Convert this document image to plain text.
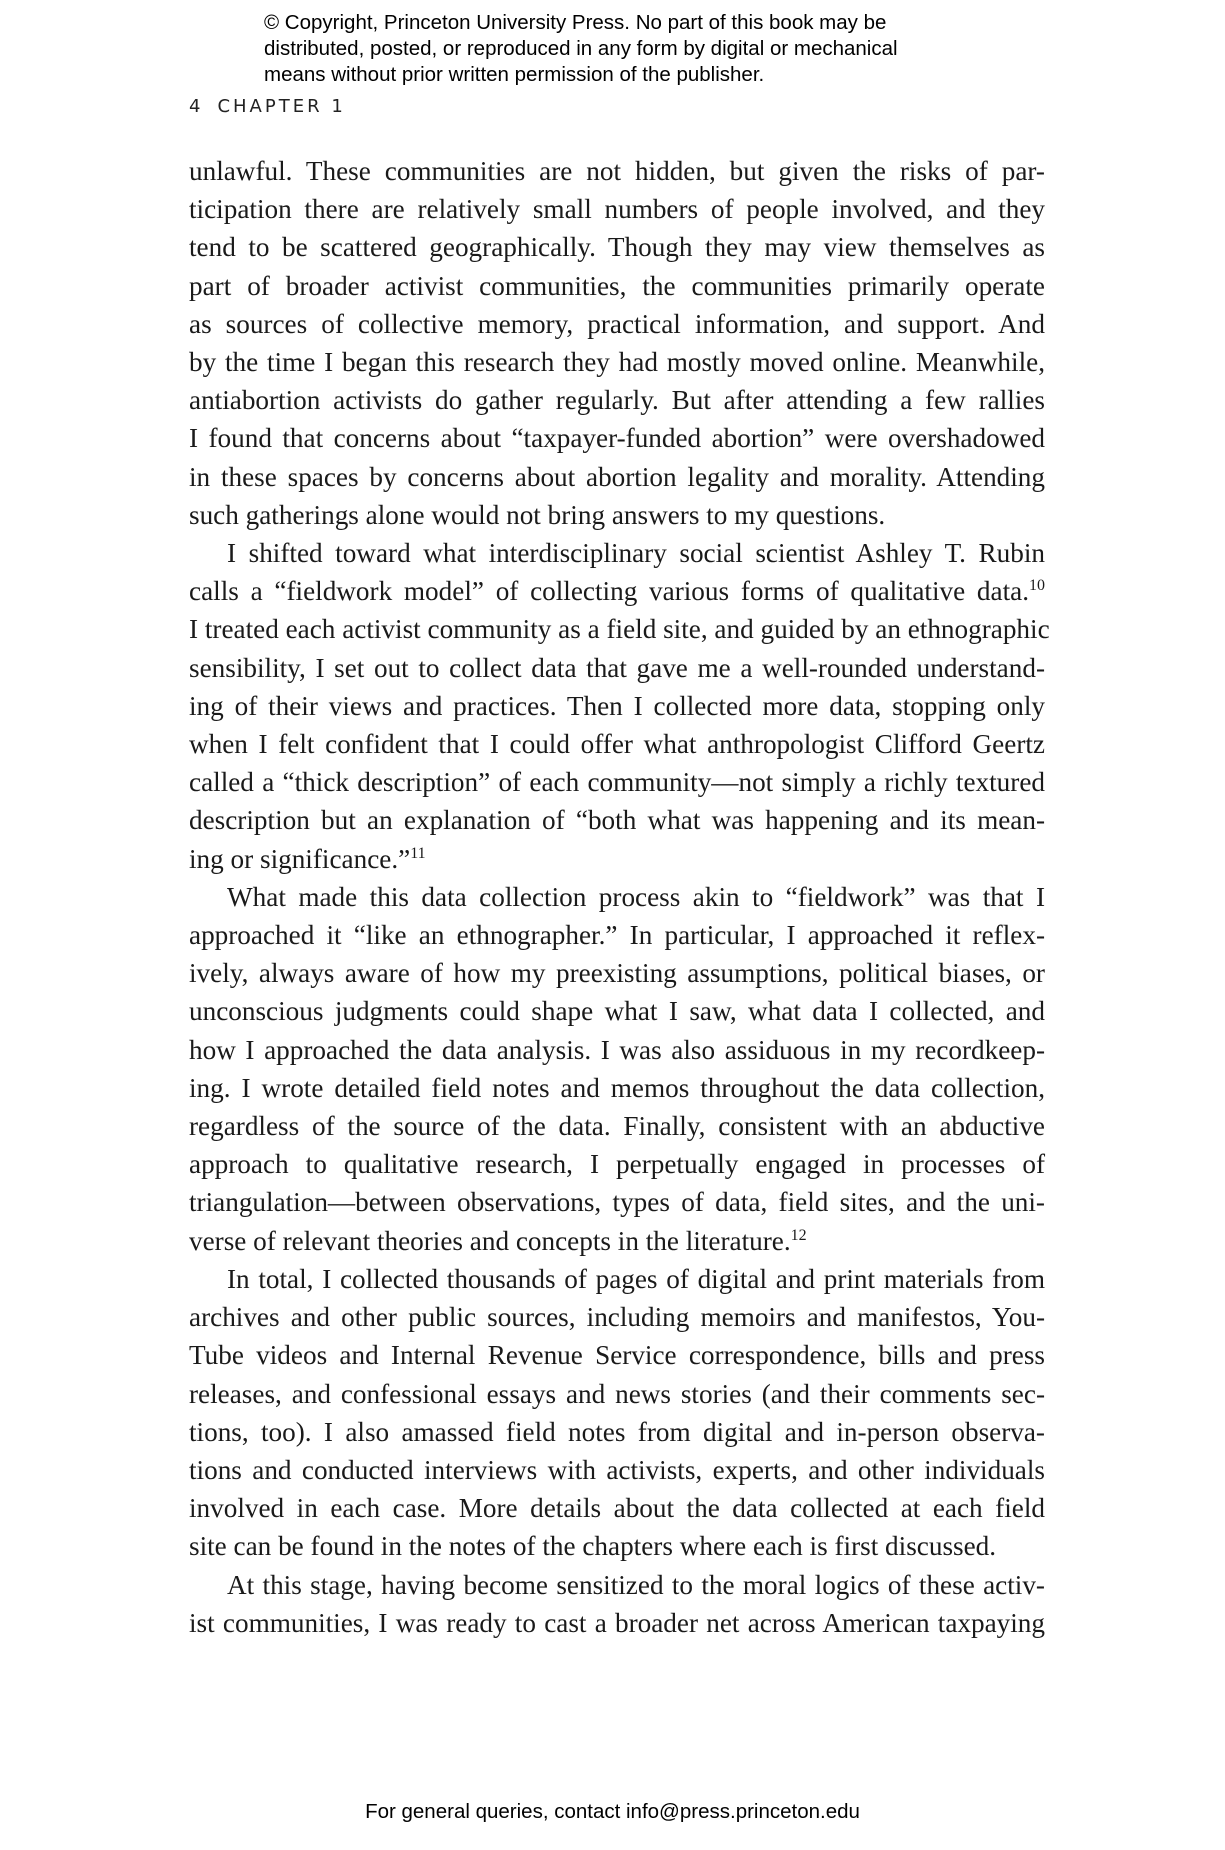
© Copyright, Princeton University Press. No part of this book may be
distributed, posted, or reproduced in any form by digital or mechanical
means without prior written permission of the publisher.
4 CHAPTER 1
unlawful. These communities are not hidden, but given the risks of par-
ticipation there are relatively small numbers of people involved, and they
tend to be scattered geographically. Though they may view themselves as
part of broader activist communities, the communities primarily operate
as sources of collective memory, practical information, and support. And
by the time I began this research they had mostly moved online. Meanwhile,
antiabortion activists do gather regularly. But after attending a few rallies
I found that concerns about “taxpayer-funded abortion” were overshadowed
in these spaces by concerns about abortion legality and morality. Attending
such gatherings alone would not bring answers to my questions.
I shifted toward what interdisciplinary social scientist Ashley T. Rubin
calls a “fieldwork model” of collecting various forms of qualitative data.$^{10}$
I treated each activist community as a field site, and guided by an ethnographic
sensibility, I set out to collect data that gave me a well-rounded understand-
ing of their views and practices. Then I collected more data, stopping only
when I felt confident that I could offer what anthropologist Clifford Geertz
called a “thick description” of each community—not simply a richly textured
description but an explanation of “both what was happening and its mean-
ing or significance.”$^{11}$
What made this data collection process akin to “fieldwork” was that I
approached it “like an ethnographer.” In particular, I approached it reflex-
ively, always aware of how my preexisting assumptions, political biases, or
unconscious judgments could shape what I saw, what data I collected, and
how I approached the data analysis. I was also assiduous in my recordkeep-
ing. I wrote detailed field notes and memos throughout the data collection,
regardless of the source of the data. Finally, consistent with an abductive
approach to qualitative research, I perpetually engaged in processes of
triangulation—between observations, types of data, field sites, and the uni-
verse of relevant theories and concepts in the literature.$^{12}$
In total, I collected thousands of pages of digital and print materials from
archives and other public sources, including memoirs and manifestos, You-
Tube videos and Internal Revenue Service correspondence, bills and press
releases, and confessional essays and news stories (and their comments sec-
tions, too). I also amassed field notes from digital and in-person observa-
tions and conducted interviews with activists, experts, and other individuals
involved in each case. More details about the data collected at each field
site can be found in the notes of the chapters where each is first discussed.
At this stage, having become sensitized to the moral logics of these activ-
ist communities, I was ready to cast a broader net across American taxpaying
For general queries, contact info@press.princeton.edu
